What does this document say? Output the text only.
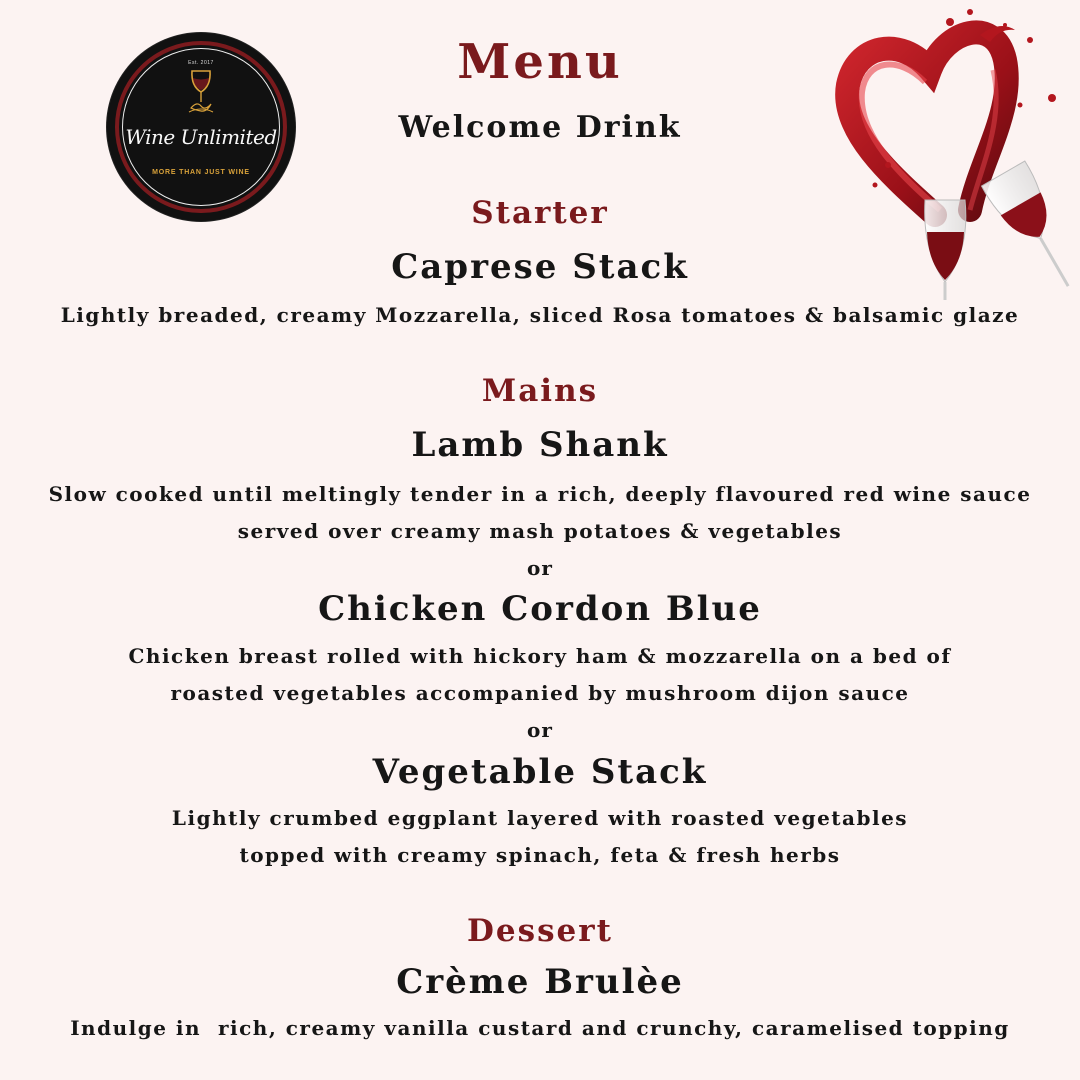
Est. 2017
Wine Unlimited
MORE THAN JUST WINE
Menu
Welcome Drink
Starter
Caprese Stack
Lightly breaded, creamy Mozzarella, sliced Rosa tomatoes & balsamic glaze
Mains
Lamb Shank
Slow cooked until meltingly tender in a rich, deeply flavoured red wine sauce
served over creamy mash potatoes & vegetables
or
Chicken Cordon Blue
Chicken breast rolled with hickory ham & mozzarella on a bed of
roasted vegetables accompanied by mushroom dijon sauce
or
Vegetable Stack
Lightly crumbed eggplant layered with roasted vegetables
topped with creamy spinach, feta & fresh herbs
Dessert
Crème Brulèe
Indulge in  rich, creamy vanilla custard and crunchy, caramelised topping
